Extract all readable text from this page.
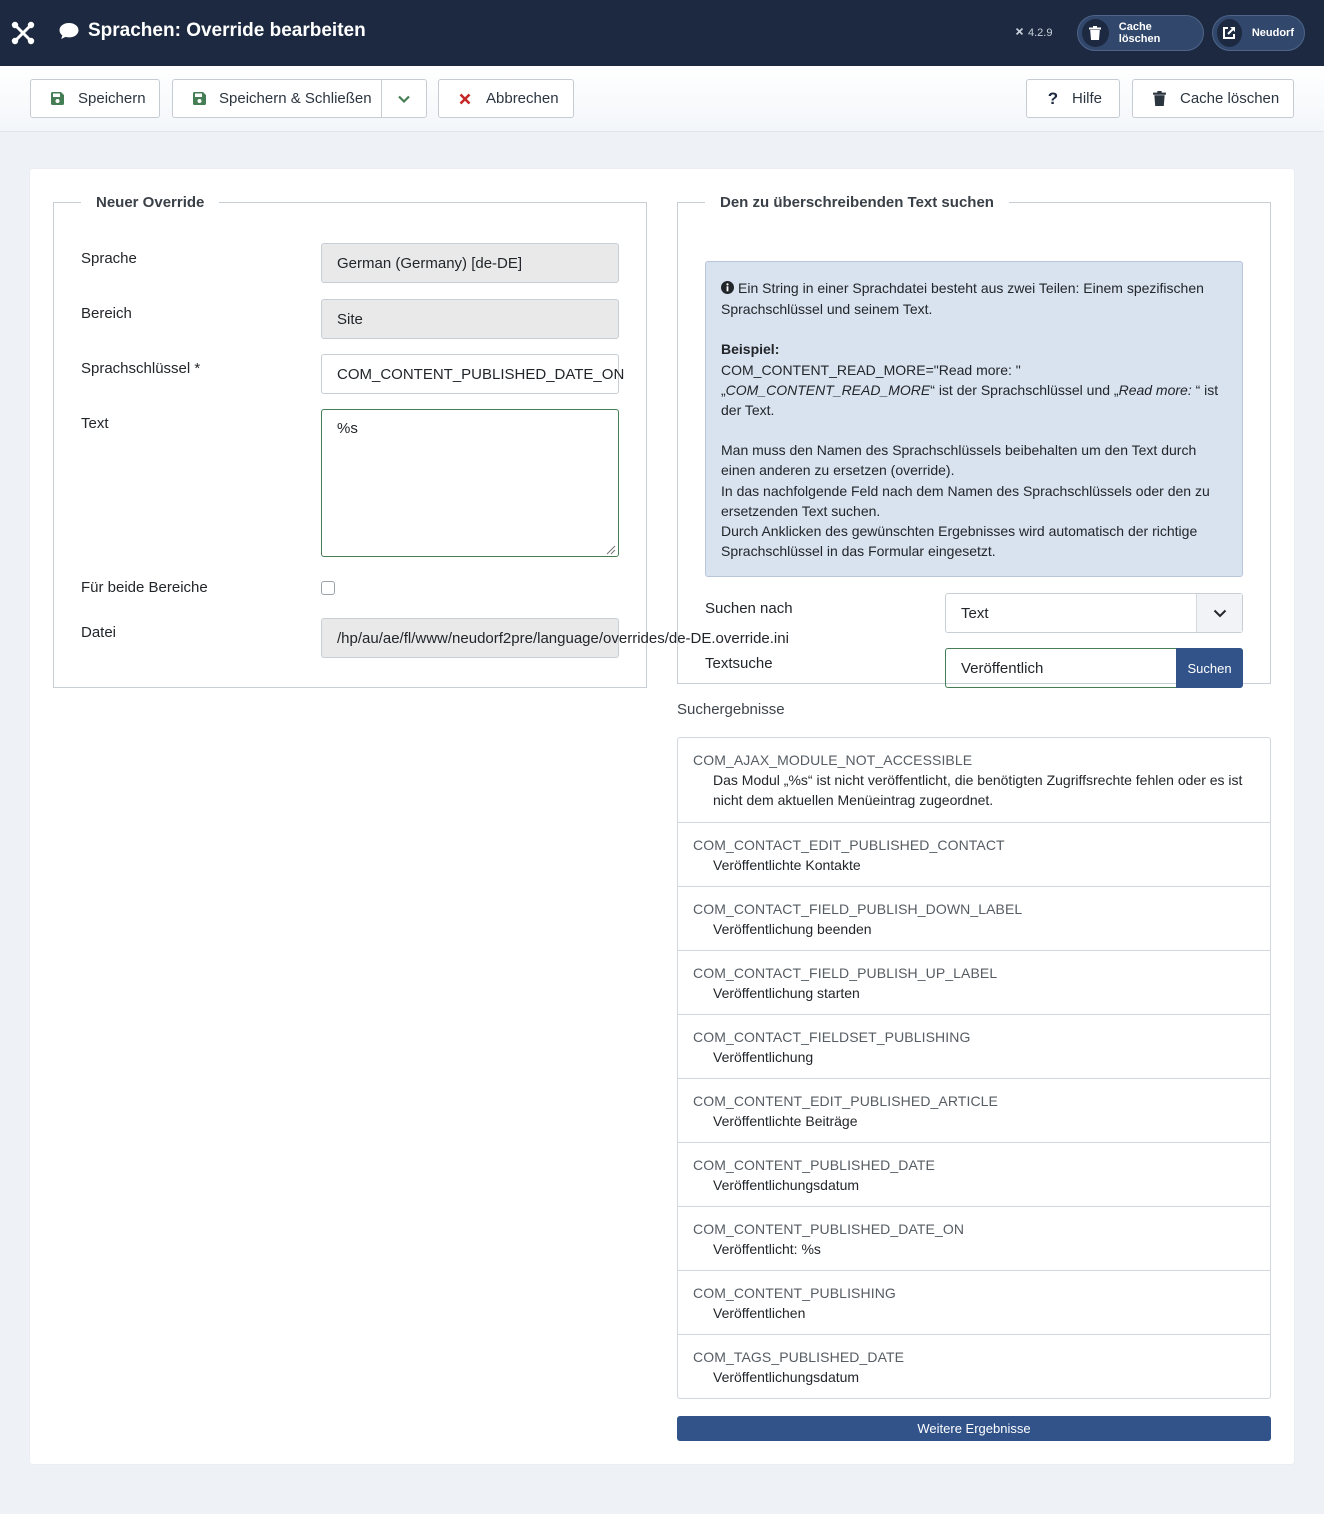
Sprachen: Override bearbeiten	4.2.9	Cache löschen	Neudorf
Speichern	Speichern & Schließen	Abbrechen	? Hilfe	Cache löschen
Neuer Override
Sprache	German (Germany) [de-DE]
Bereich	Site
Sprachschlüssel *	COM_CONTENT_PUBLISHED_DATE_ON
Text	%s
Für beide Bereiche
Datei	/hp/au/ae/fl/www/neudorf2pre/language/overrides/de-DE.override.ini
Den zu überschreibenden Text suchen

Ein String in einer Sprachdatei besteht aus zwei Teilen: Einem spezifischen Sprachschlüssel und seinem Text.

Beispiel:

COM_CONTENT_READ_MORE="Read more: "

„COM_CONTENT_READ_MORE“ ist der Sprachschlüssel und „Read more: “ ist der Text.

Man muss den Namen des Sprachschlüssels beibehalten um den Text durch einen anderen zu ersetzen (override).

In das nachfolgende Feld nach dem Namen des Sprachschlüssels oder den zu ersetzenden Text suchen.

Durch Anklicken des gewünschten Ergebnisses wird automatisch der richtige Sprachschlüssel in das Formular eingesetzt.

Suchen nach	Text
Textsuche	Veröffentlich	Suchen
Suchergebnisse
COM_AJAX_MODULE_NOT_ACCESSIBLE
Das Modul „%s“ ist nicht veröffentlicht, die benötigten Zugriffsrechte fehlen oder es ist nicht dem aktuellen Menüeintrag zugeordnet.
COM_CONTACT_EDIT_PUBLISHED_CONTACT
Veröffentlichte Kontakte
COM_CONTACT_FIELD_PUBLISH_DOWN_LABEL
Veröffentlichung beenden
COM_CONTACT_FIELD_PUBLISH_UP_LABEL
Veröffentlichung starten
COM_CONTACT_FIELDSET_PUBLISHING
Veröffentlichung
COM_CONTENT_EDIT_PUBLISHED_ARTICLE
Veröffentlichte Beiträge
COM_CONTENT_PUBLISHED_DATE
Veröffentlichungsdatum
COM_CONTENT_PUBLISHED_DATE_ON
Veröffentlicht: %s
COM_CONTENT_PUBLISHING
Veröffentlichen
COM_TAGS_PUBLISHED_DATE
Veröffentlichungsdatum
Weitere Ergebnisse
